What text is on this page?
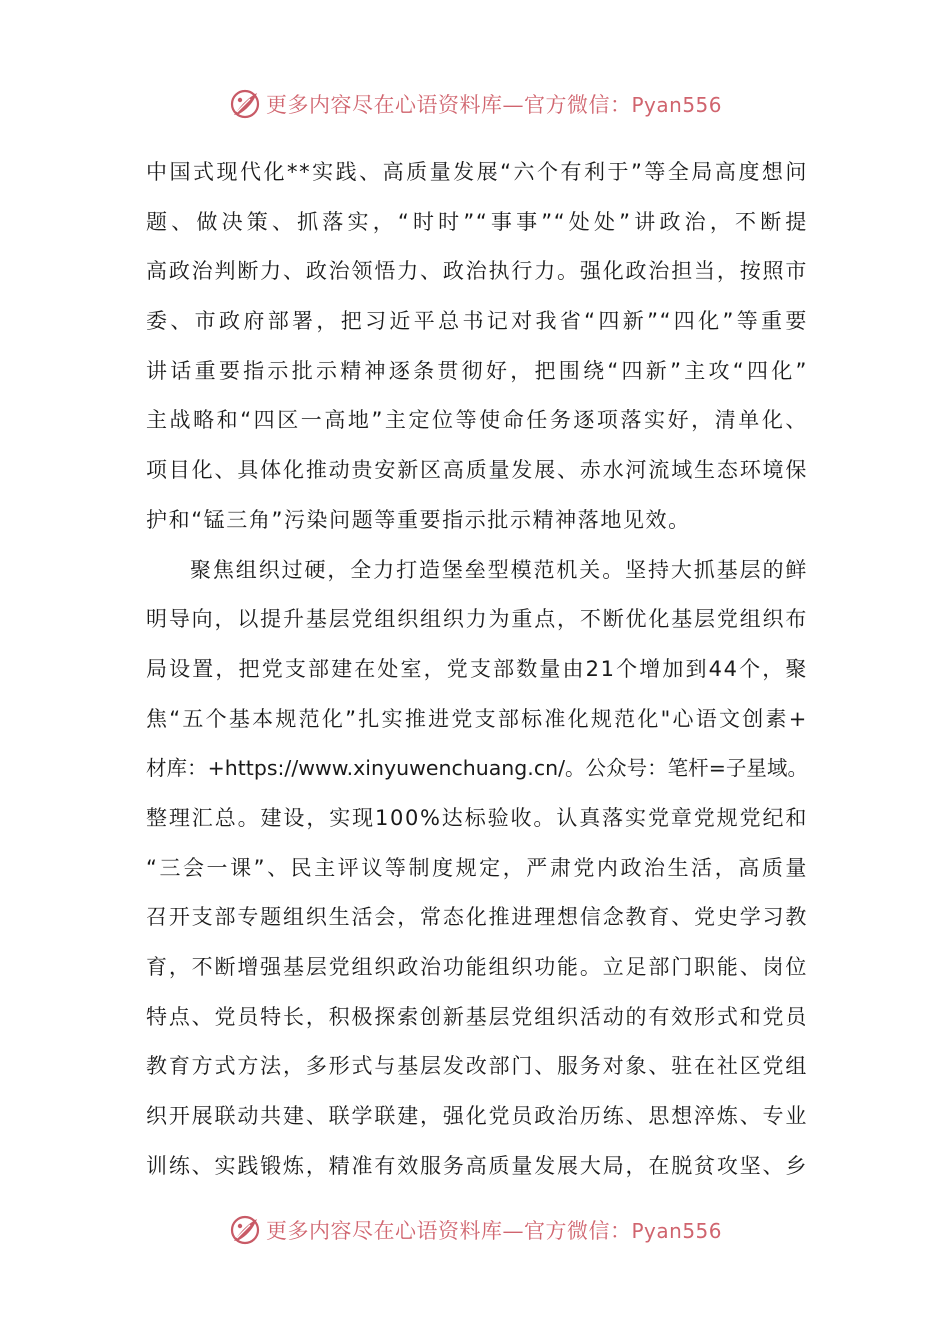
更多内容尽在心语资料库—官方微信：Pyan556
中国式现代化**实践、高质量发展“六个有利于”等全局高度想问
题、做决策、抓落实，“时时”“事事”“处处”讲政治，不断提
高政治判断力、政治领悟力、政治执行力。强化政治担当，按照市
委、市政府部署，把习近平总书记对我省“四新”“四化”等重要
讲话重要指示批示精神逐条贯彻好，把围绕“四新”主攻“四化”
主战略和“四区一高地”主定位等使命任务逐项落实好，清单化、
项目化、具体化推动贵安新区高质量发展、赤水河流域生态环境保
护和“锰三角”污染问题等重要指示批示精神落地见效。
聚焦组织过硬，全力打造堡垒型模范机关。坚持大抓基层的鲜
明导向，以提升基层党组织组织力为重点，不断优化基层党组织布
局设置，把党支部建在处室，党支部数量由21个增加到44个，聚
焦“五个基本规范化”扎实推进党支部标准化规范化"心语文创素+
材库：+https://www.xinyuwenchuang.cn/。公众号：笔杆=子星域。
整理汇总。建设，实现100%达标验收。认真落实党章党规党纪和
“三会一课”、民主评议等制度规定，严肃党内政治生活，高质量
召开支部专题组织生活会，常态化推进理想信念教育、党史学习教
育，不断增强基层党组织政治功能组织功能。立足部门职能、岗位
特点、党员特长，积极探索创新基层党组织活动的有效形式和党员
教育方式方法，多形式与基层发改部门、服务对象、驻在社区党组
织开展联动共建、联学联建，强化党员政治历练、思想淬炼、专业
训练、实践锻炼，精准有效服务高质量发展大局，在脱贫攻坚、乡
更多内容尽在心语资料库—官方微信：Pyan556
